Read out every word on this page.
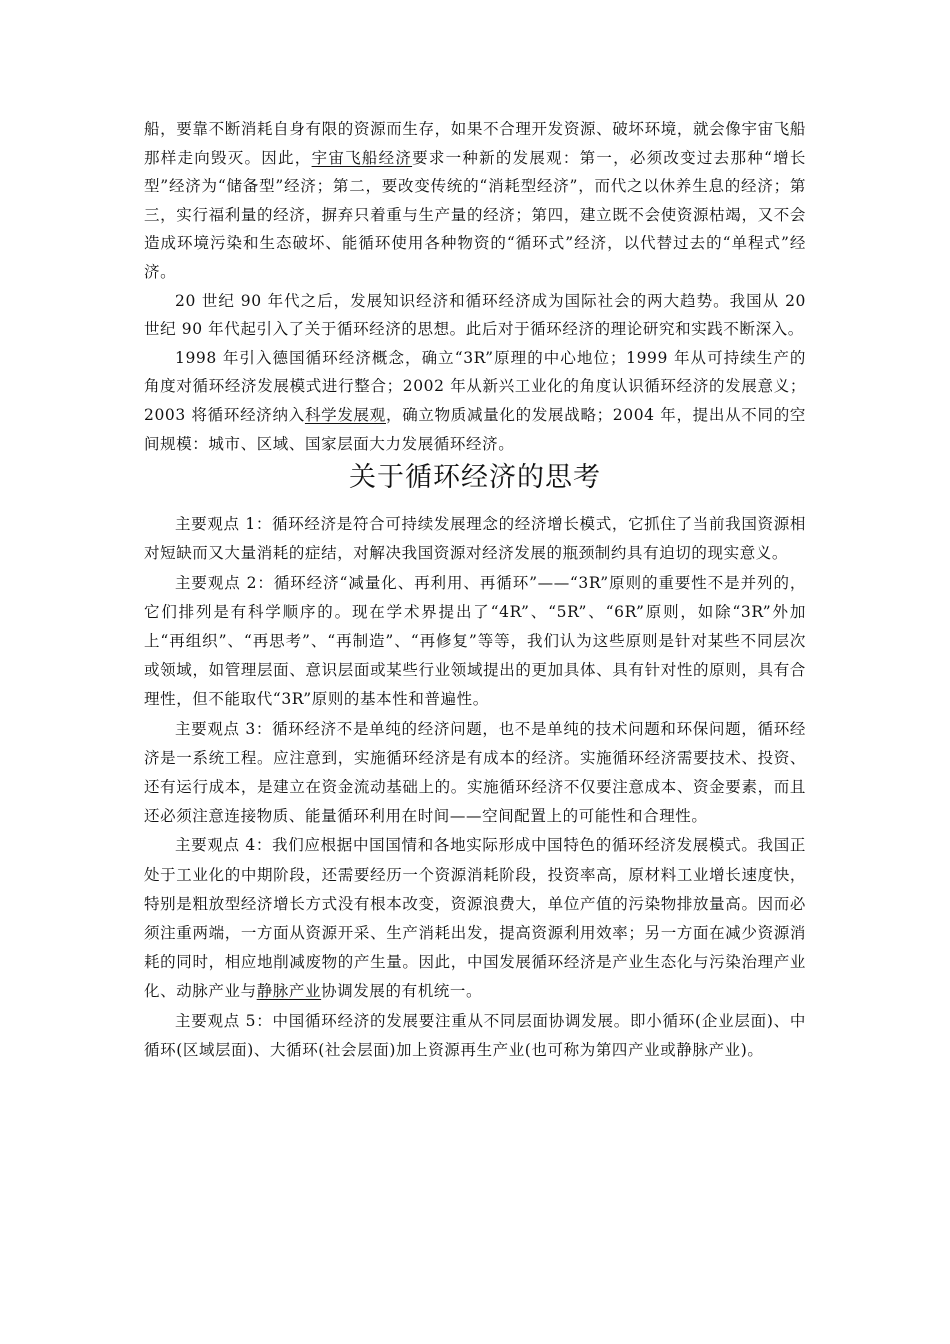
船，要靠不断消耗自身有限的资源而生存，如果不合理开发资源、破坏环境，就会像宇宙飞船那样走向毁灭。因此，宇宙飞船经济要求一种新的发展观：第一，必须改变过去那种“增长型”经济为“储备型”经济；第二，要改变传统的“消耗型经济”，而代之以休养生息的经济；第三，实行福利量的经济，摒弃只着重与生产量的经济；第四，建立既不会使资源枯竭，又不会造成环境污染和生态破坏、能循环使用各种物资的“循环式”经济，以代替过去的“单程式”经济。

20 世纪 90 年代之后，发展知识经济和循环经济成为国际社会的两大趋势。我国从 20 世纪 90 年代起引入了关于循环经济的思想。此后对于循环经济的理论研究和实践不断深入。

1998 年引入德国循环经济概念，确立“3R”原理的中心地位；1999 年从可持续生产的角度对循环经济发展模式进行整合；2002 年从新兴工业化的角度认识循环经济的发展意义；2003 将循环经济纳入科学发展观，确立物质减量化的发展战略；2004 年，提出从不同的空间规模：城市、区域、国家层面大力发展循环经济。

关于循环经济的思考

主要观点 1：循环经济是符合可持续发展理念的经济增长模式，它抓住了当前我国资源相对短缺而又大量消耗的症结，对解决我国资源对经济发展的瓶颈制约具有迫切的现实意义。

主要观点 2：循环经济“减量化、再利用、再循环”——“3R”原则的重要性不是并列的，它们排列是有科学顺序的。现在学术界提出了“4R”、“5R”、“6R”原则，如除“3R”外加上“再组织”、“再思考”、“再制造”、“再修复”等等，我们认为这些原则是针对某些不同层次或领域，如管理层面、意识层面或某些行业领域提出的更加具体、具有针对性的原则，具有合理性，但不能取代“3R”原则的基本性和普遍性。

主要观点 3：循环经济不是单纯的经济问题，也不是单纯的技术问题和环保问题，循环经济是一系统工程。应注意到，实施循环经济是有成本的经济。实施循环经济需要技术、投资、还有运行成本，是建立在资金流动基础上的。实施循环经济不仅要注意成本、资金要素，而且还必须注意连接物质、能量循环利用在时间——空间配置上的可能性和合理性。

主要观点 4：我们应根据中国国情和各地实际形成中国特色的循环经济发展模式。我国正处于工业化的中期阶段，还需要经历一个资源消耗阶段，投资率高，原材料工业增长速度快，特别是粗放型经济增长方式没有根本改变，资源浪费大，单位产值的污染物排放量高。因而必须注重两端，一方面从资源开采、生产消耗出发，提高资源利用效率；另一方面在减少资源消耗的同时，相应地削减废物的产生量。因此，中国发展循环经济是产业生态化与污染治理产业化、动脉产业与静脉产业协调发展的有机统一。

主要观点 5：中国循环经济的发展要注重从不同层面协调发展。即小循环(企业层面)、中循环(区域层面)、大循环(社会层面)加上资源再生产业(也可称为第四产业或静脉产业)。
